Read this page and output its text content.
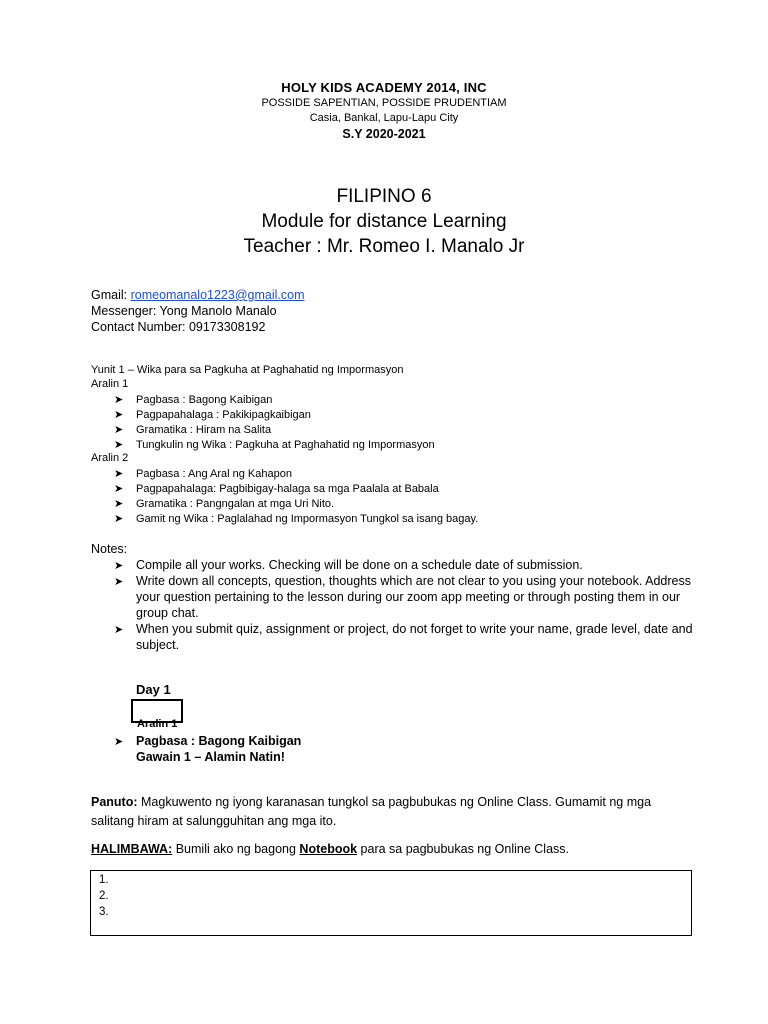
HOLY KIDS ACADEMY 2014, INC
POSSIDE SAPENTIAN, POSSIDE PRUDENTIAM
Casia, Bankal, Lapu-Lapu City
S.Y 2020-2021
FILIPINO 6
Module for distance Learning
Teacher : Mr. Romeo I. Manalo Jr
Gmail: romeomanalo1223@gmail.com
Messenger: Yong Manolo Manalo
Contact Number: 09173308192
Yunit 1 – Wika para sa Pagkuha at Paghahatid ng Impormasyon
Aralin 1
➤ Pagbasa : Bagong Kaibigan
➤ Pagpapahalaga : Pakikipagkaibigan
➤ Gramatika : Hiram na Salita
➤ Tungkulin ng Wika : Pagkuha at Paghahatid ng Impormasyon
Aralin 2
➤ Pagbasa : Ang Aral ng Kahapon
➤ Pagpapahalaga: Pagbibigay-halaga sa mga Paalala at Babala
➤ Gramatika : Pangngalan at mga Uri Nito.
➤ Gamit ng Wika : Paglalahad ng Impormasyon Tungkol sa isang bagay.
Notes:
➤ Compile all your works. Checking will be done on a schedule date of submission.
➤ Write down all concepts, question, thoughts which are not clear to you using your notebook. Address your question pertaining to the lesson during our zoom app meeting or through posting them in our group chat.
➤ When you submit quiz, assignment or project, do not forget to write your name, grade level, date and subject.
Day 1
Aralin 1
➤ Pagbasa : Bagong Kaibigan
Gawain 1 – Alamin Natin!
Panuto: Magkuwento ng iyong karanasan tungkol sa pagbubukas ng Online Class. Gumamit ng mga salitang hiram at salungguhitan ang mga ito.
HALIMBAWA: Bumili ako ng bagong Notebook para sa pagbubukas ng Online Class.
1.
2.
3.
